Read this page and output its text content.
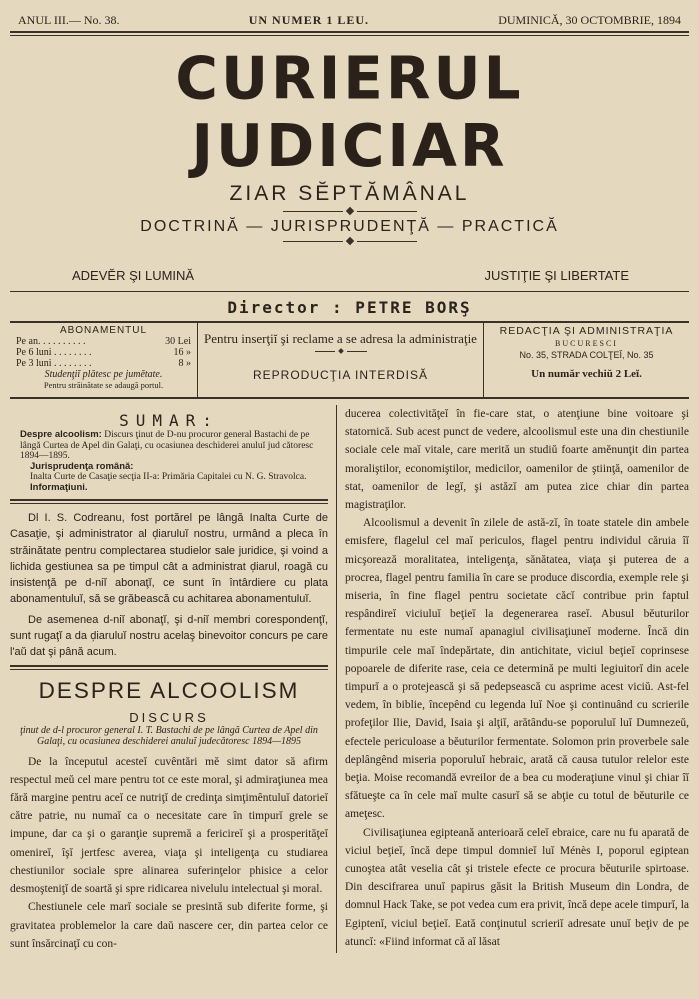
ANUL III.— No. 38.	UN NUMER 1 LEU.	DUMINICĂ, 30 OCTOMBRIE, 1894
CURIERUL JUDICIAR
ZIAR SĔPTĂMÂNAL
DOCTRINĂ — JURISPRUDENŢĂ — PRACTICĂ
ADEVĔR ŞI LUMINĂ	JUSTIŢIE ŞI LIBERTATE
Director : PETRE BORŞ
ABONAMENTUL
Pe an. . . . . . . . . .	30 Lei
Pe 6 luni . . . . . . . .	16 »
Pe 3 luni . . . . . . . .	8 »
Studenţiĭ plătesc pe jumĕtate.
Pentru străinătate se adaugă portul.
Pentru inserţiĭ şi reclame a se adresa la administraţie
REPRODUCŢIA INTERDISĂ
REDACŢIA ŞI ADMINISTRAŢIA
BUCURESCI
No. 35, STRADA COLŢEĬ, No. 35
Un număr vechiŭ 2 Leĭ.
SUMAR:
Despre alcoolism: Discurs ţinut de D-nu procuror general Bastachi de pe lângă Curtea de Apel din Galaţi, cu ocasiunea deschiderei anuluĭ jud cătoresc 1894—1895.
Jurisprudenţa română:
Inalta Curte de Casaţie secţia II-a: Primăria Capitalei cu N. G. Stravolca.
Informaţiuni.

Dl I. S. Codreanu, fost portărel pe lângă Inalta Curte de Casaţie, şi administrator al ḑiaruluĭ nostru, urmând a pleca în străinătate pentru complectarea studielor sale juridice, şi voind a lichida gestiunea sa pe timpul cât a administrat ḑiarul, roagă cu insistenţă pe d-niĭ abonaţĭ, ce sunt în întârdiere cu plata abonamentuluĭ, să se grăbească cu achitarea abonamentuluĭ.

De asemenea d-niĭ abonaţĭ, şi d-niĭ membri corespondenţĭ, sunt rugaţĭ a da ḑiaruluĭ nostru acelaş binevoitor concurs pe care l'aŭ dat şi până acum.

DESPRE ALCOOLISM
DISCURS
ţinut de d-l procuror general I. T. Bastachi de pe lângă Curtea de Apel din Galaţi, cu ocasiunea deschiderei anuluĭ judecătoresc 1894—1895

De la începutul acesteĭ cuvêntări mĕ simt dator să afirm respectul meŭ cel mare pentru tot ce este moral, şi admiraţiunea mea fără margine pentru aceĭ ce nutriţĭ de credinţa simţimêntuluĭ datorieĭ către patrie, nu numaĭ ca o necesitate care în timpurĭ grele se impune, dar ca şi o garanţie supremă a fericireĭ şi a prosperităţeĭ omenireĭ, îşĭ jertfesc averea, viaţa şi inteligenţa cu studiarea chestiunilor sociale spre alinarea suferinţelor phisice a celor desmoşteniţĭ de soartă şi spre ridicarea nivelulu intelectual şi moral.

Chestiunele cele marĭ sociale se presintă sub diferite forme, şi gravitatea problemelor la care daŭ nascere cer, din partea celor ce sunt însărcinaţĭ cu con-

ducerea colectivităţeĭ în fie-care stat, o atenţiune bine voitoare şi statornică. Sub acest punct de vedere, alcoolismul este una din chestiunile sociale cele maĭ vitale, care merită un studiŭ foarte amĕnunţit din partea moraliştilor, economiştilor, medicilor, oamenilor de ştiinţă, oamenilor de stat, oamenilor de legĭ, şi astăzĭ am putea zice chiar din partea magistraţilor.

Alcoolismul a devenit în zilele de astă-zĭ, în toate statele din ambele emisfere, flagelul cel maĭ periculos, flagel pentru individul căruia îĭ micşorează moralitatea, inteligenţa, sănătatea, viaţa şi puterea de a procrea, flagel pentru familia în care se produce discordia, exemple rele şi miseria, în fine flagel pentru societate căcĭ contribue prin faptul respândireĭ viciuluĭ beţieĭ la degenerarea raseĭ. Abusul bĕuturilor fermentate nu este numaĭ apanagiul civilisaţiuneĭ moderne. Încă din timpurile cele maĭ îndepărtate, din antichitate, viciul beţieĭ coprinsese popoarele de diferite rase, ceia ce determină pe multi legiuitorĭ din acele timpurĭ a o protejească şi să pedepsească cu asprime acest viciŭ. Ast-fel vedem, în biblie, începênd cu legenda luĭ Noe şi continuând cu scrierile profeţilor Ilie, David, Isaia şi alţiĭ, arătându-se poporuluĭ luĭ Dumnezeŭ, efectele periculoase a bĕuturilor fermentate. Solomon prin proverbele sale deplângênd miseria poporuluĭ hebraic, arată că causa tutulor relelor este beţia. Moise recomandă evreilor de a bea cu moderaţiune vinul şi chiar îĭ sfătueşte ca în cele maĭ multe casurĭ să se abţie cu totul de bĕuturile ce ameţesc.

Civilisaţiunea egipteană anterioară celeĭ ebraice, care nu fu aparată de viciul beţieĭ, încă depe timpul domnieĭ luĭ Ménès I, poporul egiptean cunoştea atât veselia cât şi tristele efecte ce procura bĕuturile spirtoase. Din descifrarea unuĭ papirus găsit la British Museum din Londra, de domnul Hack Take, se pot vedea cum era privit, încă depe acele timpurĭ, la Egiptenĭ, viciul beţieĭ. Eată conţinutul scrieriĭ adresate unuĭ beţiv de pe atuncĭ: «Fiind informat că aĭ lăsat
